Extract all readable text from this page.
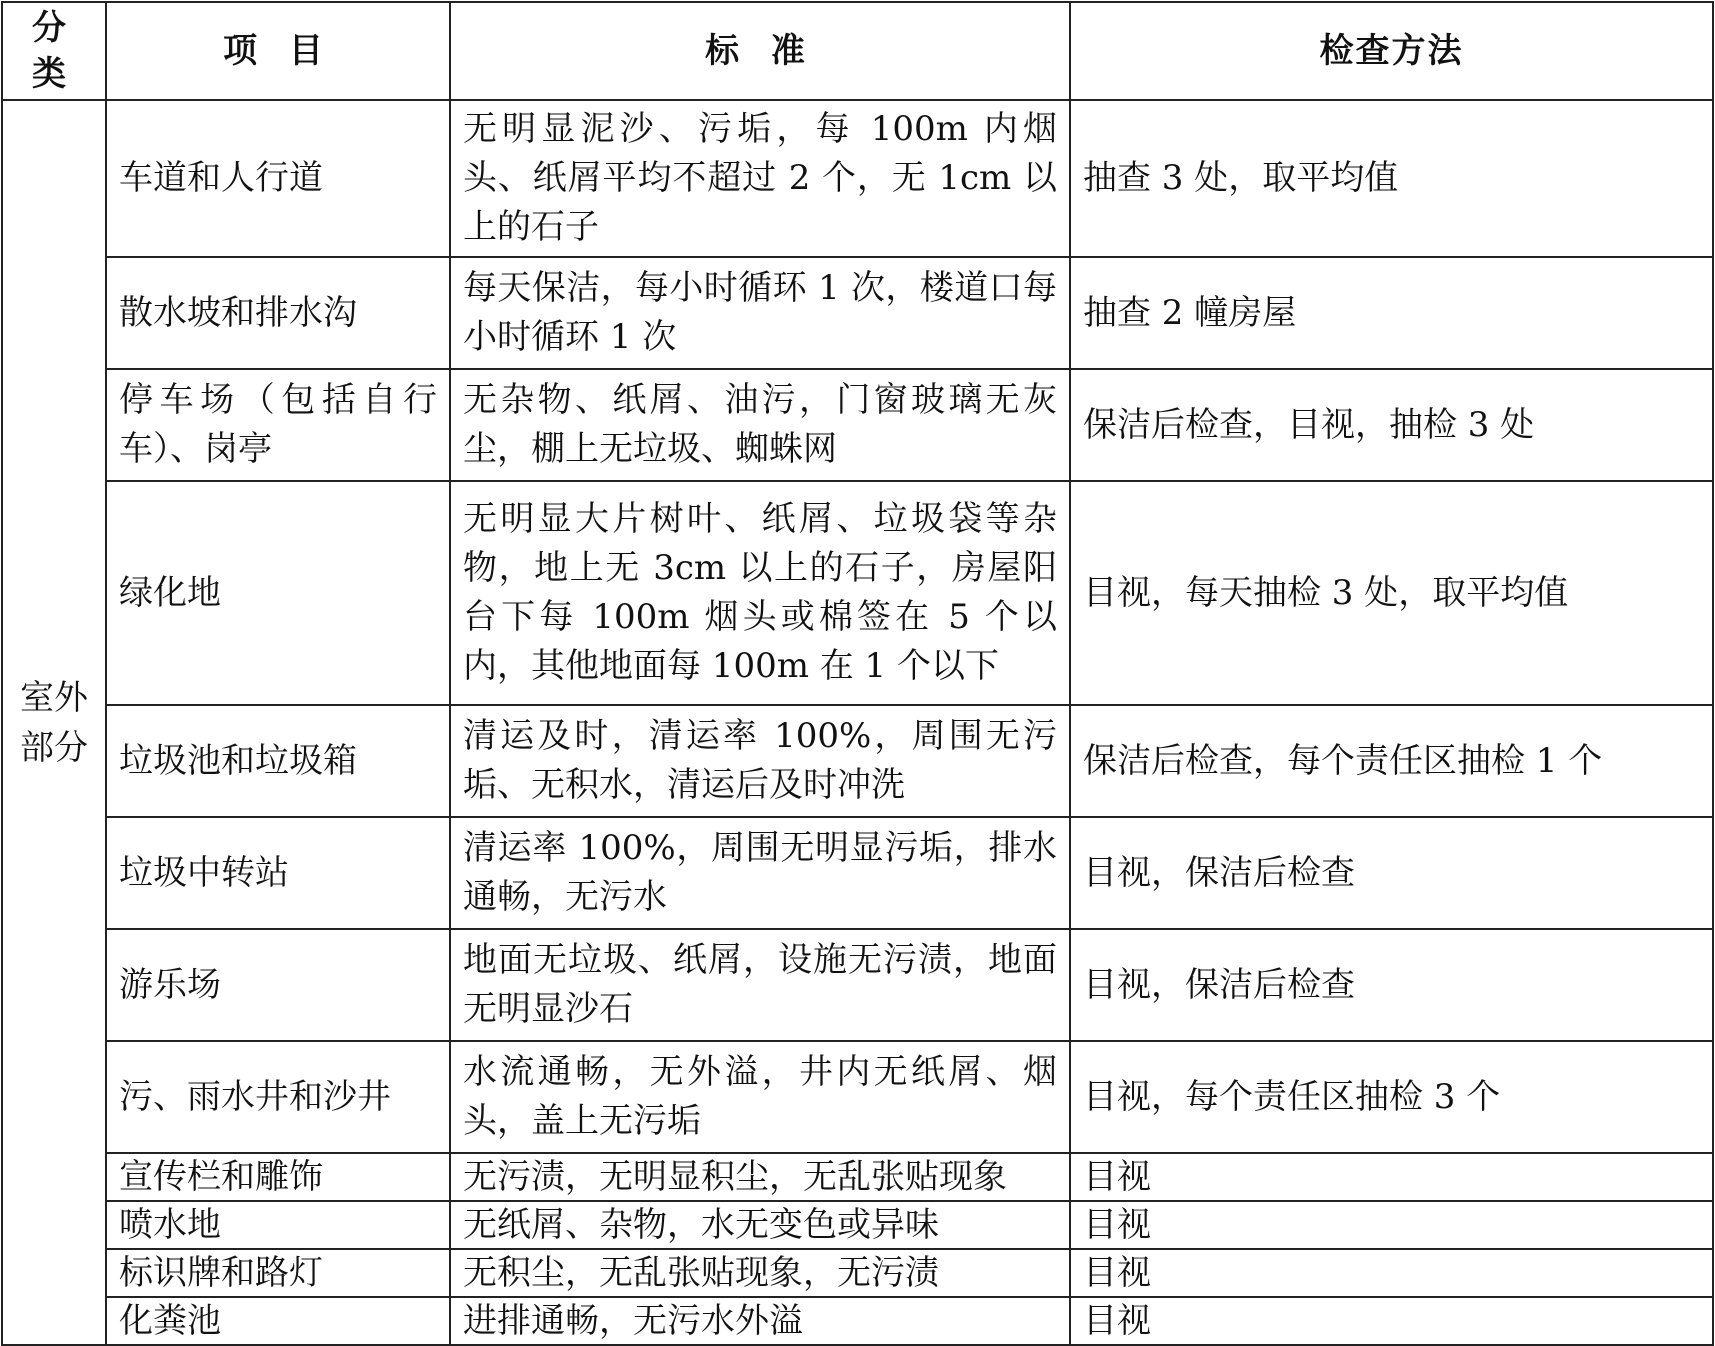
分 类	项 目	标 准	检查方法

室外
部分	车道和人行道	无明显泥沙、污垢，每 100m 内烟头、纸屑平均不超过 2 个，无 1cm 以上的石子	抽查 3 处，取平均值
	散水坡和排水沟	每天保洁，每小时循环 1 次，楼道口每小时循环 1 次	抽查 2 幢房屋
	停车场（包括自行车）、岗亭	无杂物、纸屑、油污，门窗玻璃无灰尘，棚上无垃圾、蜘蛛网	保洁后检查，目视，抽检 3 处
	绿化地	无明显大片树叶、纸屑、垃圾袋等杂物，地上无 3cm 以上的石子，房屋阳台下每 100m 烟头或棉签在 5 个以内，其他地面每 100m 在 1 个以下	目视，每天抽检 3 处，取平均值
	垃圾池和垃圾箱	清运及时，清运率 100%，周围无污垢、无积水，清运后及时冲洗	保洁后检查，每个责任区抽检 1 个
	垃圾中转站	清运率 100%，周围无明显污垢，排水通畅，无污水	目视，保洁后检查
	游乐场	地面无垃圾、纸屑，设施无污渍，地面无明显沙石	目视，保洁后检查
	污、雨水井和沙井	水流通畅，无外溢，井内无纸屑、烟头，盖上无污垢	目视，每个责任区抽检 3 个
	宣传栏和雕饰	无污渍，无明显积尘，无乱张贴现象	目视
	喷水地	无纸屑、杂物，水无变色或异味	目视
	标识牌和路灯	无积尘，无乱张贴现象，无污渍	目视
	化粪池	进排通畅，无污水外溢	目视
